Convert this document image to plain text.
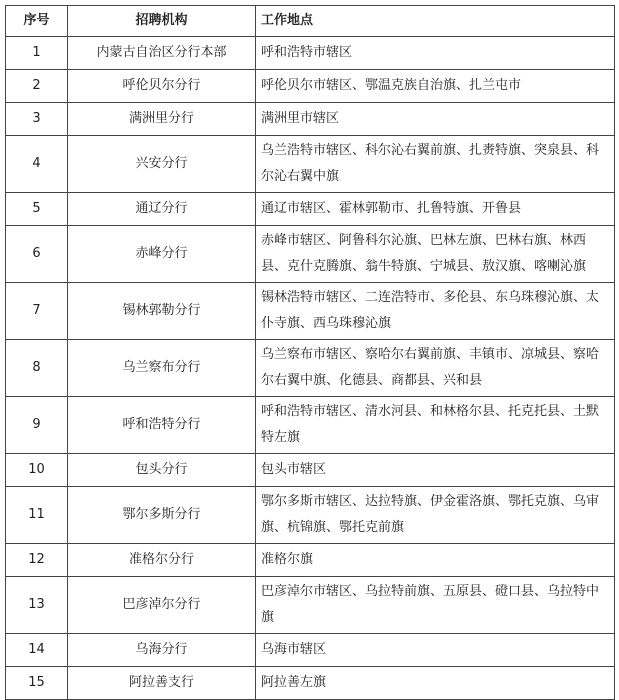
序号	招聘机构	工作地点
1	内蒙古自治区分行本部	呼和浩特市辖区
2	呼伦贝尔分行	呼伦贝尔市辖区、鄂温克族自治旗、扎兰屯市
3	满洲里分行	满洲里市辖区
4	兴安分行	乌兰浩特市辖区、科尔沁右翼前旗、扎赉特旗、突泉县、科尔沁右翼中旗
5	通辽分行	通辽市辖区、霍林郭勒市、扎鲁特旗、开鲁县
6	赤峰分行	赤峰市辖区、阿鲁科尔沁旗、巴林左旗、巴林右旗、林西县、克什克腾旗、翁牛特旗、宁城县、敖汉旗、喀喇沁旗
7	锡林郭勒分行	锡林浩特市辖区、二连浩特市、多伦县、东乌珠穆沁旗、太仆寺旗、西乌珠穆沁旗
8	乌兰察布分行	乌兰察布市辖区、察哈尔右翼前旗、丰镇市、凉城县、察哈尔右翼中旗、化德县、商都县、兴和县
9	呼和浩特分行	呼和浩特市辖区、清水河县、和林格尔县、托克托县、土默特左旗
10	包头分行	包头市辖区
11	鄂尔多斯分行	鄂尔多斯市辖区、达拉特旗、伊金霍洛旗、鄂托克旗、乌审旗、杭锦旗、鄂托克前旗
12	准格尔分行	准格尔旗
13	巴彦淖尔分行	巴彦淖尔市辖区、乌拉特前旗、五原县、磴口县、乌拉特中旗
14	乌海分行	乌海市辖区
15	阿拉善支行	阿拉善左旗
